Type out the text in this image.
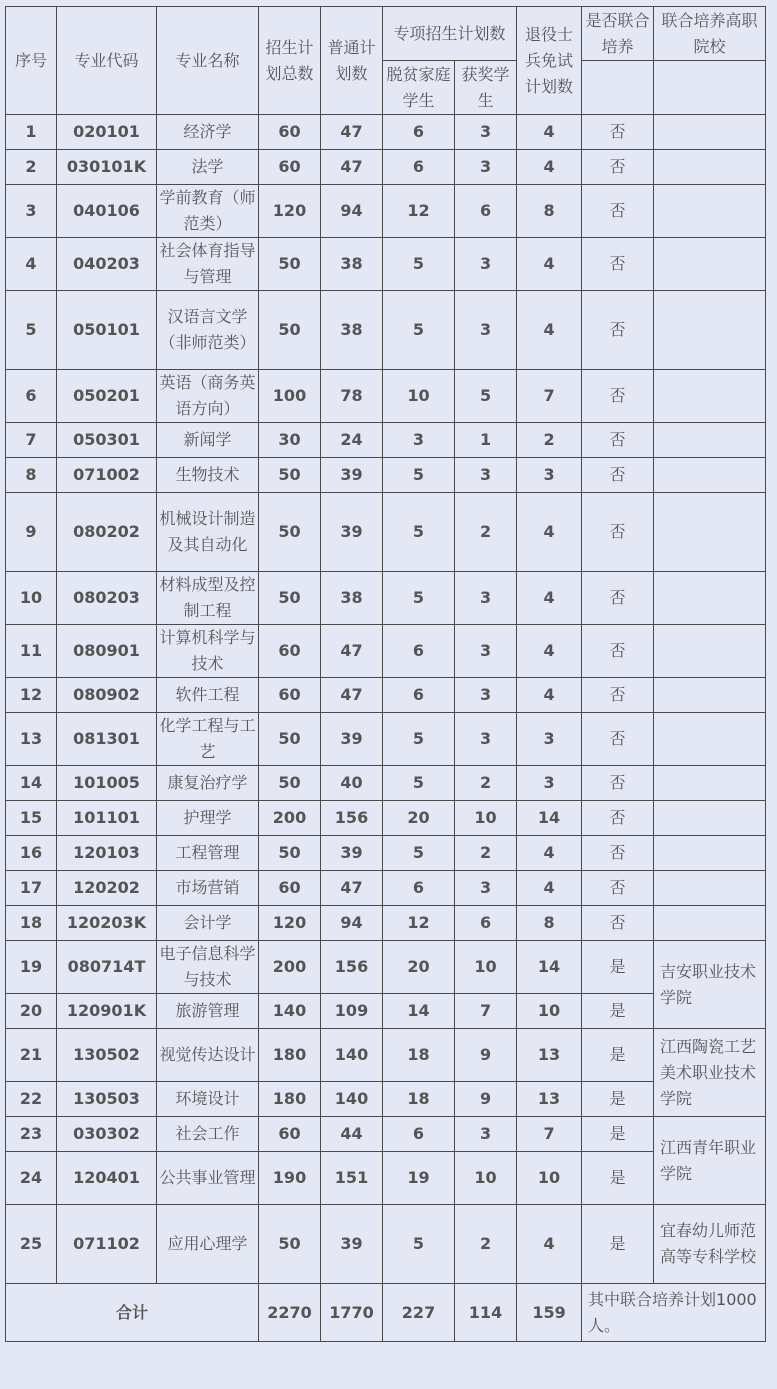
序号	专业代码	专业名称	招生计划总数	普通计划数	专项招生计划数		退役士兵免试计划数	是否联合培养	联合培养高职院校
					脱贫家庭学生	获奖学生			
1	020101	经济学	60	47	6	3	4	否	
2	030101K	法学	60	47	6	3	4	否	
3	040106	学前教育（师范类）	120	94	12	6	8	否	
4	040203	社会体育指导与管理	50	38	5	3	4	否	
5	050101	汉语言文学（非师范类）	50	38	5	3	4	否	
6	050201	英语（商务英语方向）	100	78	10	5	7	否	
7	050301	新闻学	30	24	3	1	2	否	
8	071002	生物技术	50	39	5	3	3	否	
9	080202	机械设计制造及其自动化	50	39	5	2	4	否	
10	080203	材料成型及控制工程	50	38	5	3	4	否	
11	080901	计算机科学与技术	60	47	6	3	4	否	
12	080902	软件工程	60	47	6	3	4	否	
13	081301	化学工程与工艺	50	39	5	3	3	否	
14	101005	康复治疗学	50	40	5	2	3	否	
15	101101	护理学	200	156	20	10	14	否	
16	120103	工程管理	50	39	5	2	4	否	
17	120202	市场营销	60	47	6	3	4	否	
18	120203K	会计学	120	94	12	6	8	否	
19	080714T	电子信息科学与技术	200	156	20	10	14	是	吉安职业技术学院
20	120901K	旅游管理	140	109	14	7	10	是	
21	130502	视觉传达设计	180	140	18	9	13	是	江西陶瓷工艺美术职业技术学院
22	130503	环境设计	180	140	18	9	13	是	
23	030302	社会工作	60	44	6	3	7	是	江西青年职业学院
24	120401	公共事业管理	190	151	19	10	10	是	
25	071102	应用心理学	50	39	5	2	4	是	宜春幼儿师范高等专科学校
合计			2270	1770	227	114	159	其中联合培养计划1000人。	
